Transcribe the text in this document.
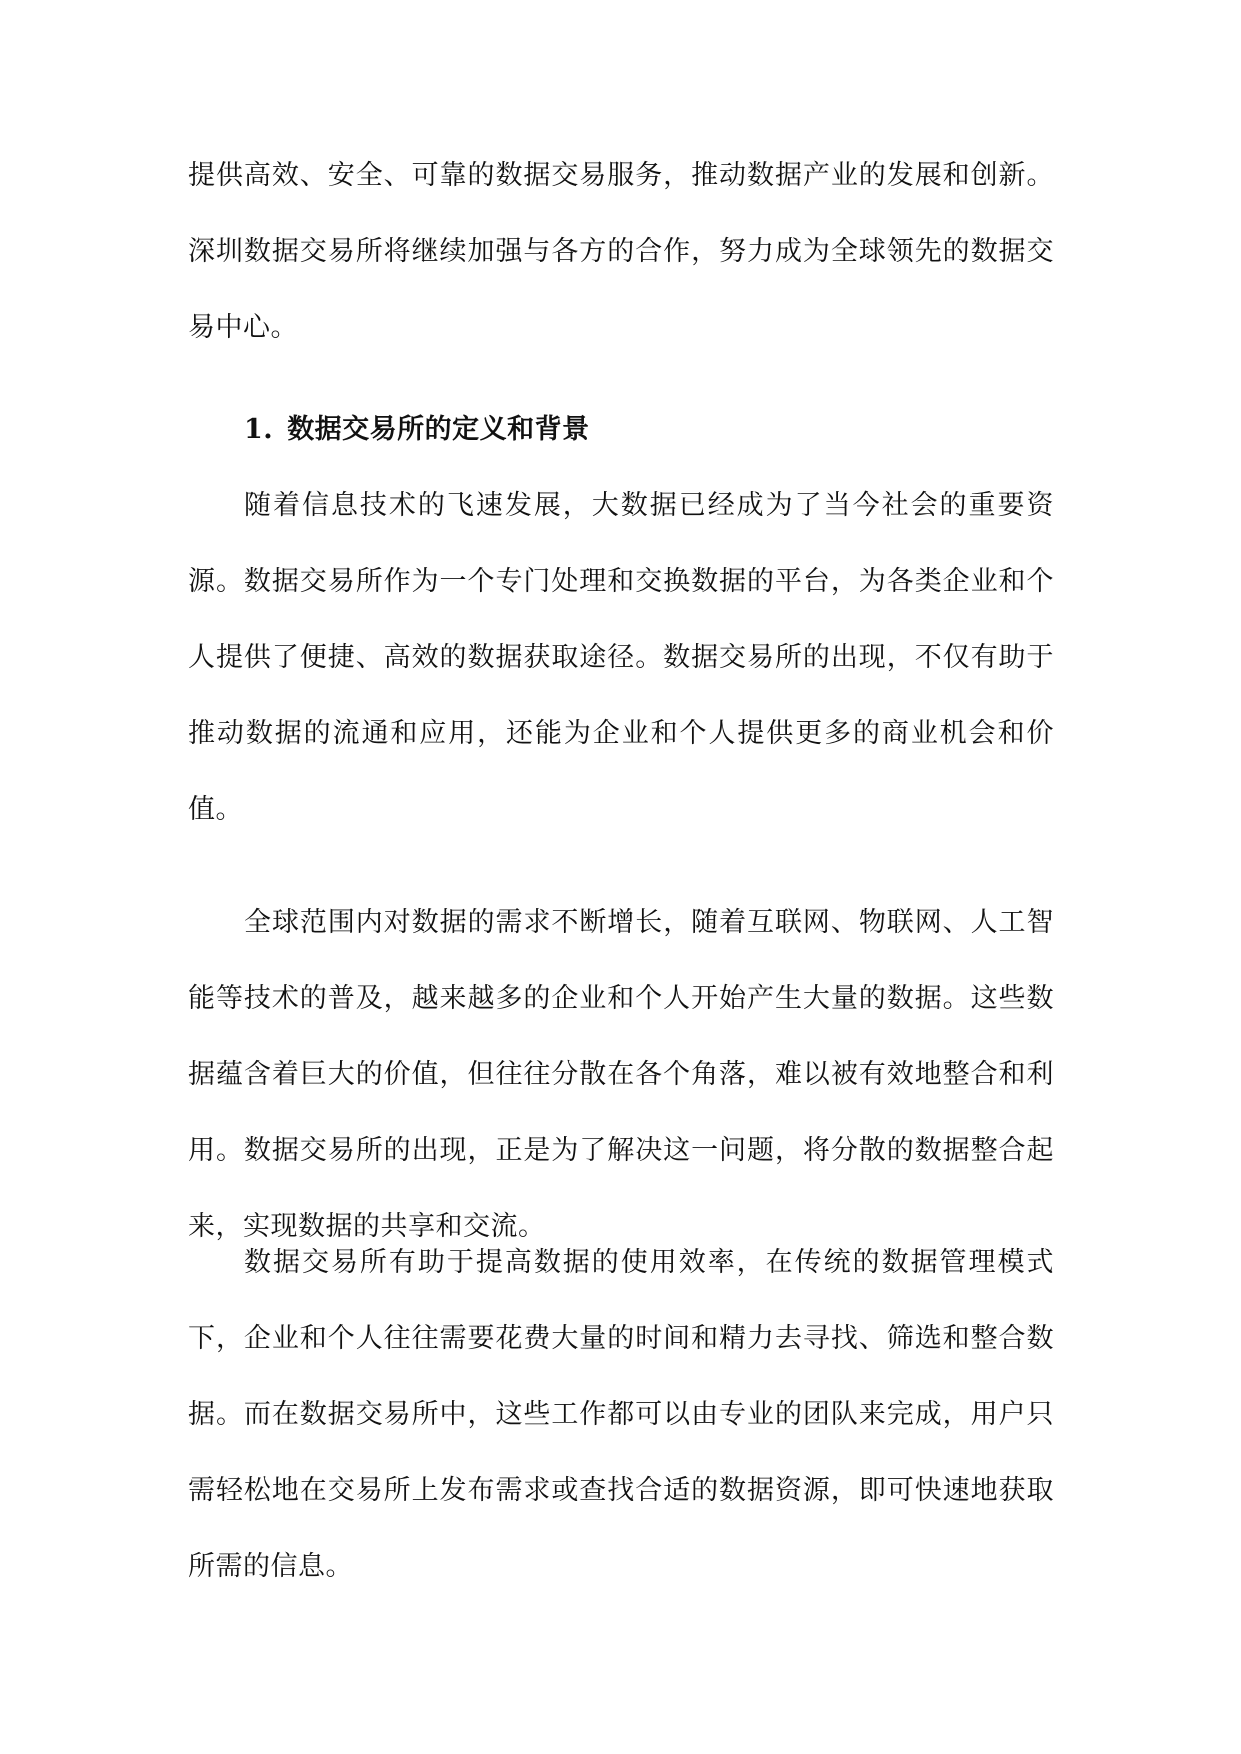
提供高效、安全、可靠的数据交易服务，推动数据产业的发展和创新。深圳数据交易所将继续加强与各方的合作，努力成为全球领先的数据交易中心。

1. 数据交易所的定义和背景

随着信息技术的飞速发展，大数据已经成为了当今社会的重要资源。数据交易所作为一个专门处理和交换数据的平台，为各类企业和个人提供了便捷、高效的数据获取途径。数据交易所的出现，不仅有助于推动数据的流通和应用，还能为企业和个人提供更多的商业机会和价值。

全球范围内对数据的需求不断增长，随着互联网、物联网、人工智能等技术的普及，越来越多的企业和个人开始产生大量的数据。这些数据蕴含着巨大的价值，但往往分散在各个角落，难以被有效地整合和利用。数据交易所的出现，正是为了解决这一问题，将分散的数据整合起来，实现数据的共享和交流。

数据交易所有助于提高数据的使用效率，在传统的数据管理模式下，企业和个人往往需要花费大量的时间和精力去寻找、筛选和整合数据。而在数据交易所中，这些工作都可以由专业的团队来完成，用户只需轻松地在交易所上发布需求或查找合适的数据资源，即可快速地获取所需的信息。
